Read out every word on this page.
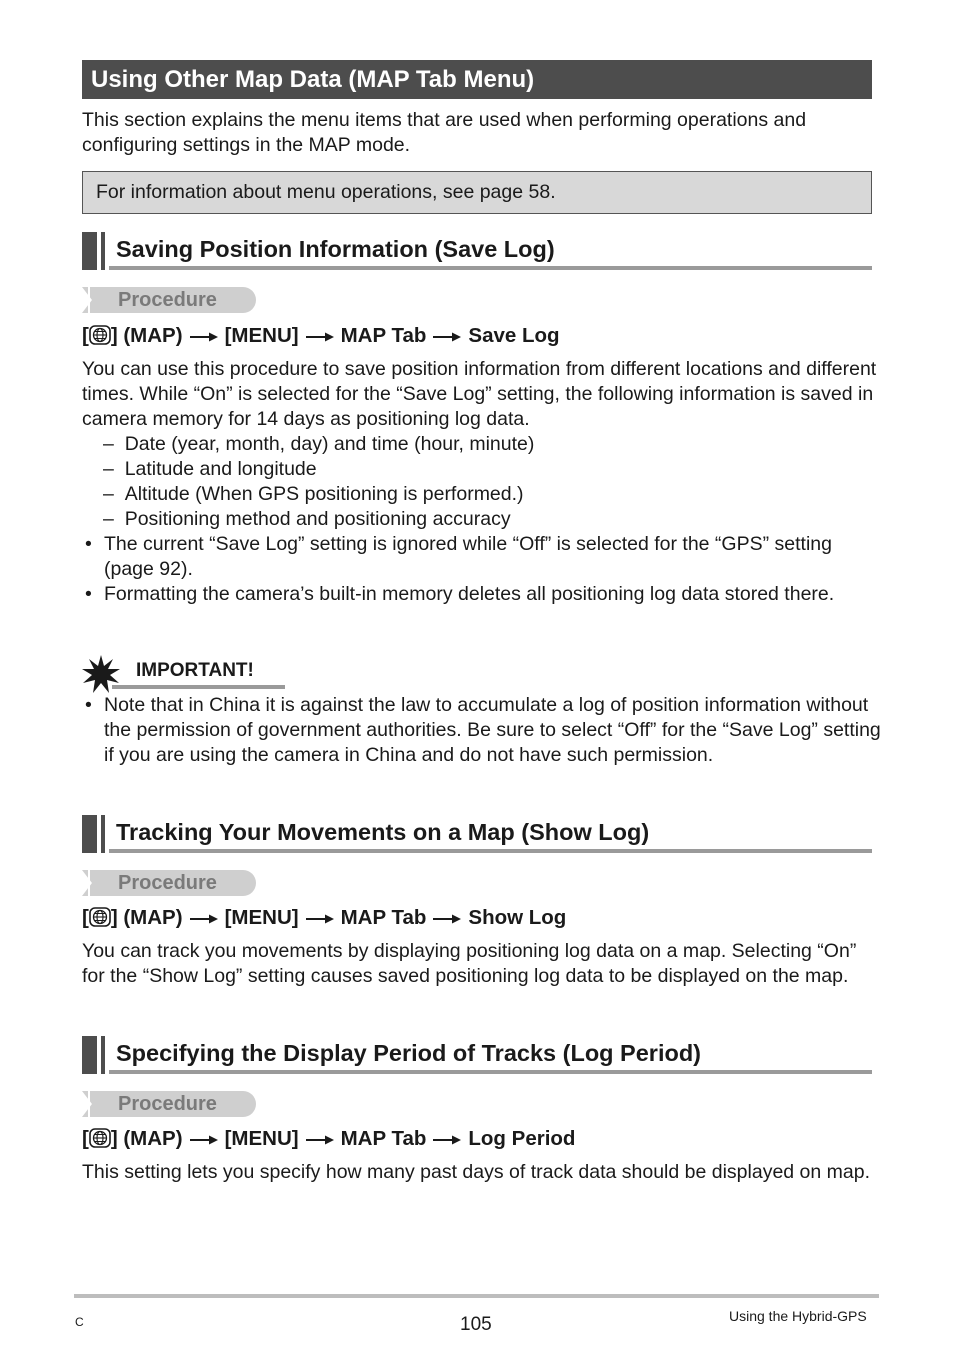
Using Other Map Data (MAP Tab Menu)
This section explains the menu items that are used when performing operations and configuring settings in the MAP mode.
For information about menu operations, see page 58.
Saving Position Information (Save Log)
Procedure
[ ] (MAP) [MENU] MAP Tab Save Log
You can use this procedure to save position information from different locations and different times. While “On” is selected for the “Save Log” setting, the following information is saved in camera memory for 14 days as positioning log data.
–  Date (year, month, day) and time (hour, minute)
–  Latitude and longitude
–  Altitude (When GPS positioning is performed.)
–  Positioning method and positioning accuracy
• The current “Save Log” setting is ignored while “Off” is selected for the “GPS” setting (page 92).
• Formatting the camera’s built-in memory deletes all positioning log data stored there.
IMPORTANT!
• Note that in China it is against the law to accumulate a log of position information without the permission of government authorities. Be sure to select “Off” for the “Save Log” setting if you are using the camera in China and do not have such permission.
Tracking Your Movements on a Map (Show Log)
Procedure
[ ] (MAP) [MENU] MAP Tab Show Log
You can track you movements by displaying positioning log data on a map. Selecting “On” for the “Show Log” setting causes saved positioning log data to be displayed on the map.
Specifying the Display Period of Tracks (Log Period)
Procedure
[ ] (MAP) [MENU] MAP Tab Log Period
This setting lets you specify how many past days of track data should be displayed on map.
C	105	Using the Hybrid-GPS
